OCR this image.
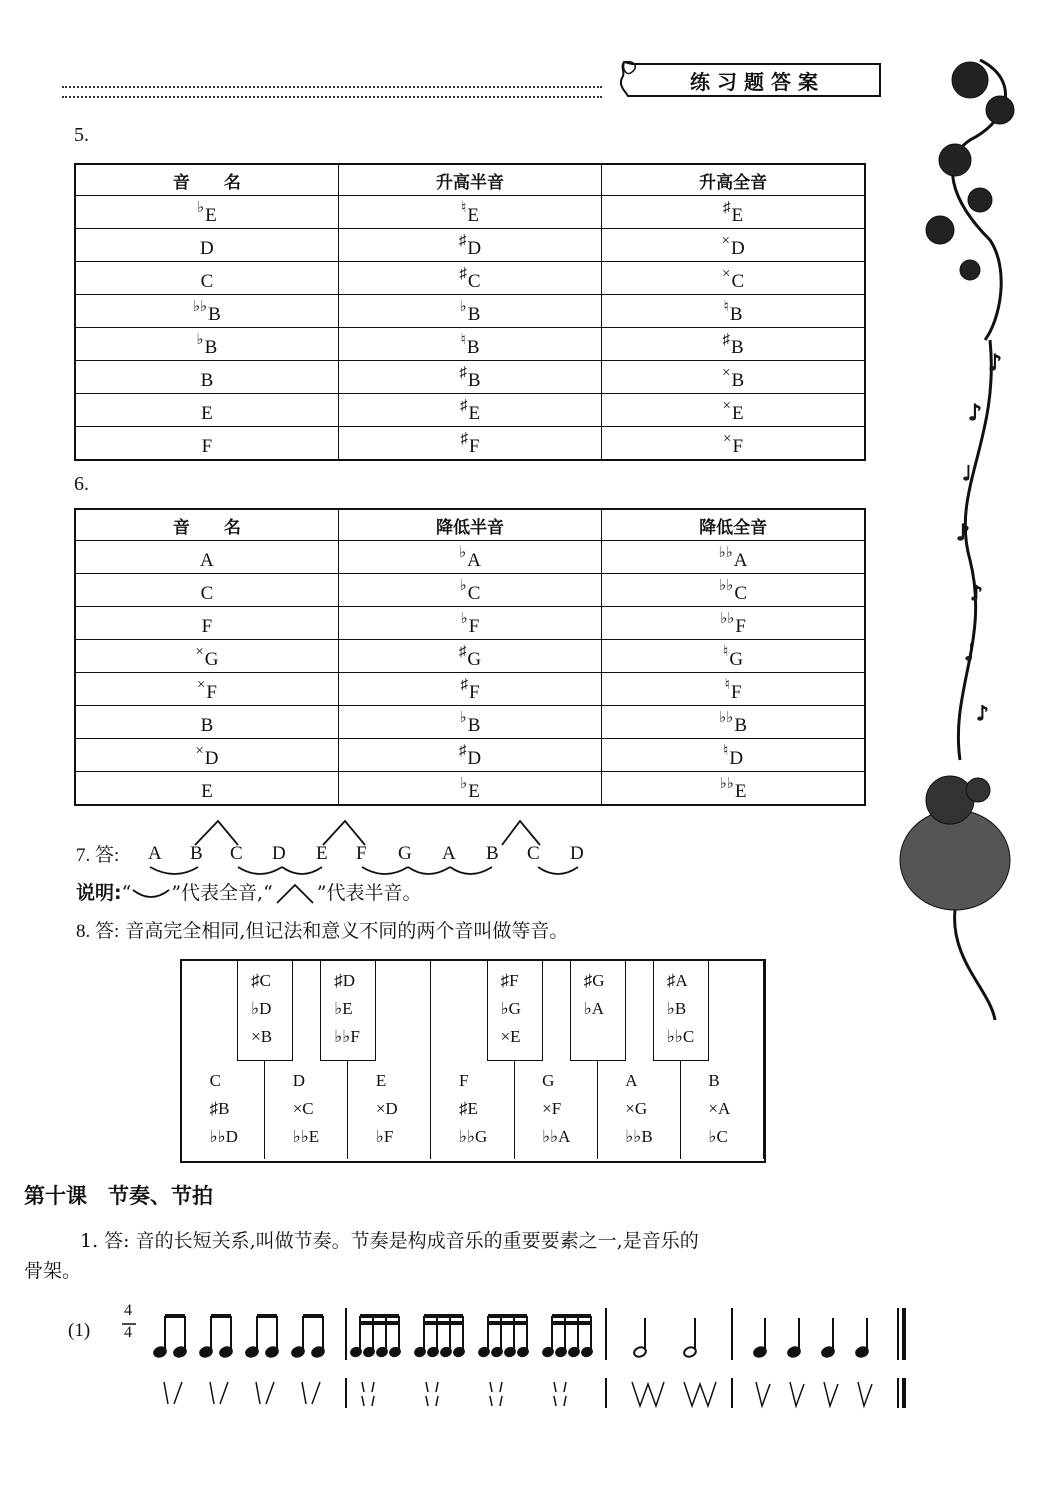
练习题答案
♪
♪
♩
♪
♪
♩
♪
5.
音　　名	升高半音	升高全音
♭E	♮E	♯E
D	♯D	×D
C	♯C	×C
♭♭B	♭B	♮B
♭B	♮B	♯B
B	♯B	×B
E	♯E	×E
F	♯F	×F
6.
音　　名	降低半音	降低全音
A	♭A	♭♭A
C	♭C	♭♭C
F	♭F	♭♭F
×G	♯G	♮G
×F	♯F	♮F
B	♭B	♭♭B
×D	♯D	♮D
E	♭E	♭♭E
7. 答: A B C D E F G A B C D
说明:“ ”代表全音,“ ”代表半音。
8. 答: 音高完全相同,但记法和意义不同的两个音叫做等音。
C
♯B
♭♭D
D
×C
♭♭E
E
×D
♭F
F
♯E
♭♭G
G
×F
♭♭A
A
×G
♭♭B
B
×A
♭C
♯C
♭D
×B
♯D
♭E
♭♭F
♯F
♭G
×E
♯G
♭A
♯A
♭B
♭♭C
第十课　节奏、节拍
1. 答: 音的长短关系,叫做节奏。节奏是构成音乐的重要要素之一,是音乐的
骨架。
(1)
4
4
